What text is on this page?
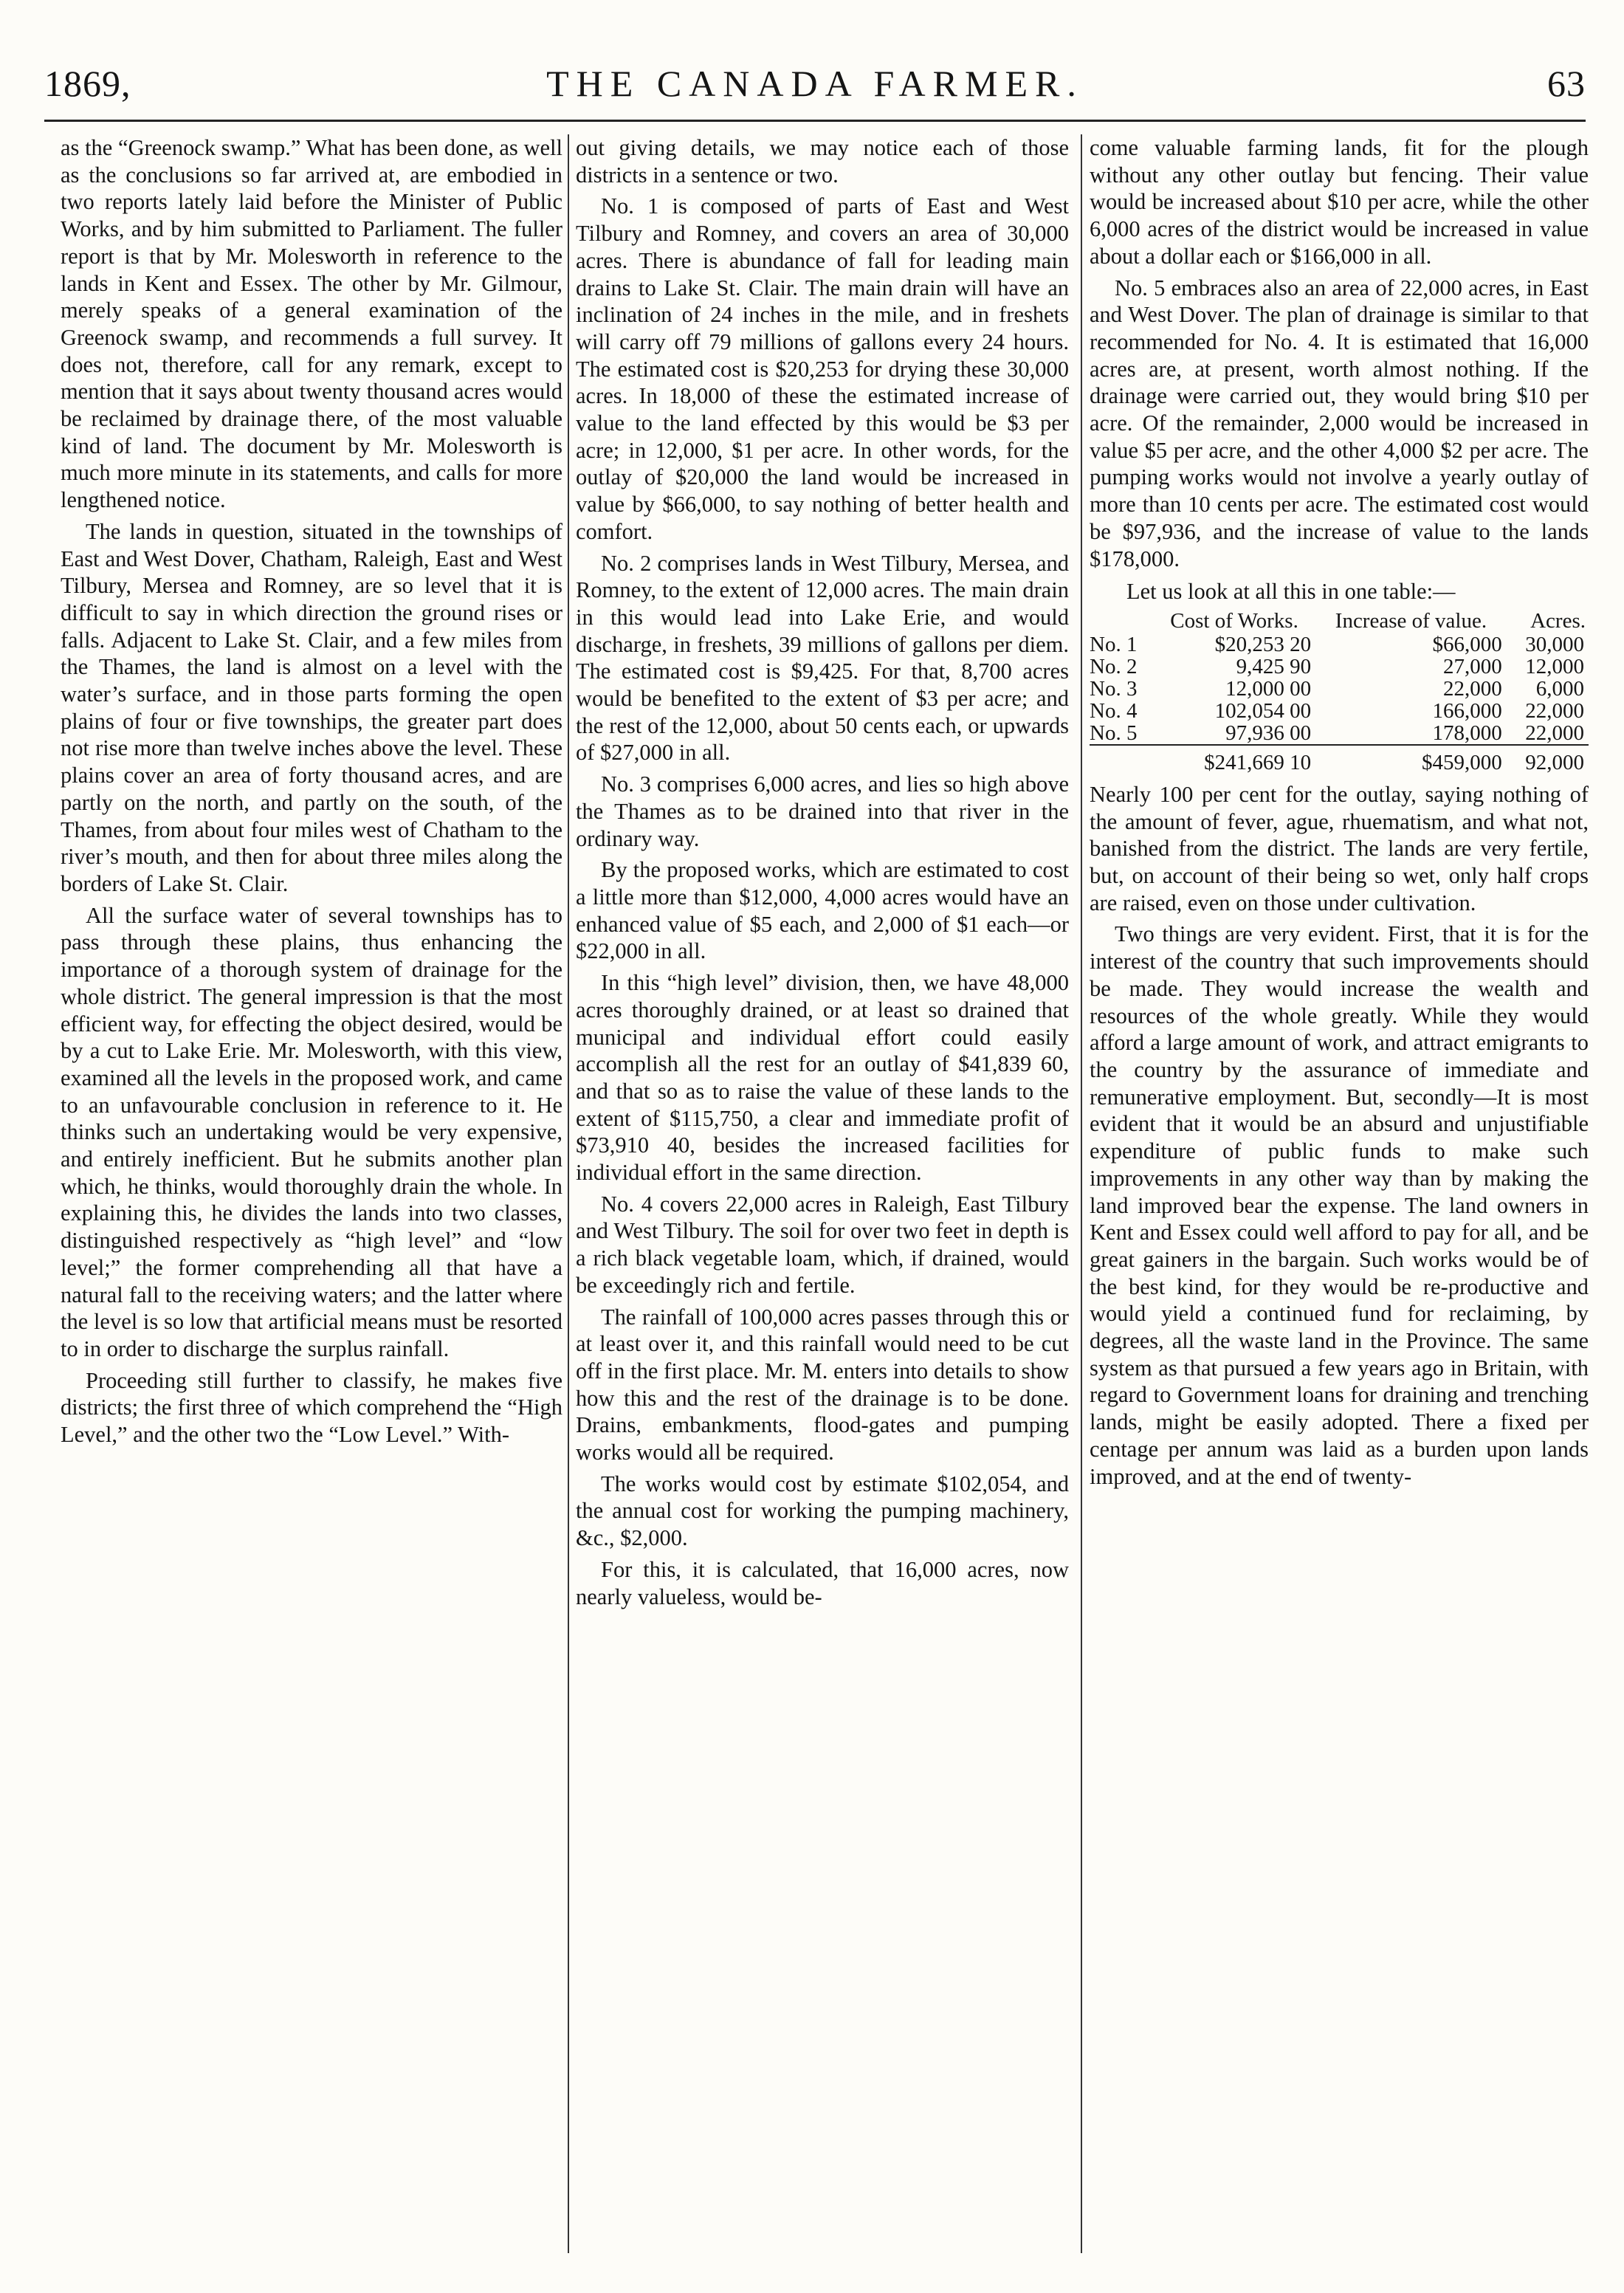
1869,	THE CANADA FARMER.	63

as the “Greenock swamp.” What has been done, as well as the conclusions so far arrived at, are embodied in two reports lately laid before the Minister of Public Works, and by him submitted to Parliament. The fuller report is that by Mr. Molesworth in reference to the lands in Kent and Essex. The other by Mr. Gilmour, merely speaks of a general examination of the Greenock swamp, and recommends a full survey. It does not, therefore, call for any remark, except to mention that it says about twenty thousand acres would be reclaimed by drainage there, of the most valuable kind of land. The document by Mr. Molesworth is much more minute in its statements, and calls for more lengthened notice.

The lands in question, situated in the townships of East and West Dover, Chatham, Raleigh, East and West Tilbury, Mersea and Romney, are so level that it is difficult to say in which direction the ground rises or falls. Adjacent to Lake St. Clair, and a few miles from the Thames, the land is almost on a level with the water’s surface, and in those parts forming the open plains of four or five townships, the greater part does not rise more than twelve inches above the level. These plains cover an area of forty thousand acres, and are partly on the north, and partly on the south, of the Thames, from about four miles west of Chatham to the river’s mouth, and then for about three miles along the borders of Lake St. Clair.

All the surface water of several townships has to pass through these plains, thus enhancing the importance of a thorough system of drainage for the whole district. The general impression is that the most efficient way, for effecting the object desired, would be by a cut to Lake Erie. Mr. Molesworth, with this view, examined all the levels in the proposed work, and came to an unfavourable conclusion in reference to it. He thinks such an undertaking would be very expensive, and entirely inefficient. But he submits another plan which, he thinks, would thoroughly drain the whole. In explaining this, he divides the lands into two classes, distinguished respectively as “high level” and “low level;” the former comprehending all that have a natural fall to the receiving waters; and the latter where the level is so low that artificial means must be resorted to in order to discharge the surplus rainfall.

Proceeding still further to classify, he makes five districts; the first three of which comprehend the “High Level,” and the other two the “Low Level.” With-

out giving details, we may notice each of those districts in a sentence or two.

No. 1 is composed of parts of East and West Tilbury and Romney, and covers an area of 30,000 acres. There is abundance of fall for leading main drains to Lake St. Clair. The main drain will have an inclination of 24 inches in the mile, and in freshets will carry off 79 millions of gallons every 24 hours. The estimated cost is $20,253 for drying these 30,000 acres. In 18,000 of these the estimated increase of value to the land effected by this would be $3 per acre; in 12,000, $1 per acre. In other words, for the outlay of $20,000 the land would be increased in value by $66,000, to say nothing of better health and comfort.

No. 2 comprises lands in West Tilbury, Mersea, and Romney, to the extent of 12,000 acres. The main drain in this would lead into Lake Erie, and would discharge, in freshets, 39 millions of gallons per diem. The estimated cost is $9,425. For that, 8,700 acres would be benefited to the extent of $3 per acre; and the rest of the 12,000, about 50 cents each, or upwards of $27,000 in all.

No. 3 comprises 6,000 acres, and lies so high above the Thames as to be drained into that river in the ordinary way.

By the proposed works, which are estimated to cost a little more than $12,000, 4,000 acres would have an enhanced value of $5 each, and 2,000 of $1 each—or $22,000 in all.

In this “high level” division, then, we have 48,000 acres thoroughly drained, or at least so drained that municipal and individual effort could easily accomplish all the rest for an outlay of $41,839 60, and that so as to raise the value of these lands to the extent of $115,750, a clear and immediate profit of $73,910 40, besides the increased facilities for individual effort in the same direction.

No. 4 covers 22,000 acres in Raleigh, East Tilbury and West Tilbury. The soil for over two feet in depth is a rich black vegetable loam, which, if drained, would be exceedingly rich and fertile.

The rainfall of 100,000 acres passes through this or at least over it, and this rainfall would need to be cut off in the first place. Mr. M. enters into details to show how this and the rest of the drainage is to be done. Drains, embankments, flood-gates and pumping works would all be required.

The works would cost by estimate $102,054, and the annual cost for working the pumping machinery, &c., $2,000.

For this, it is calculated, that 16,000 acres, now nearly valueless, would be-

come valuable farming lands, fit for the plough without any other outlay but fencing. Their value would be increased about $10 per acre, while the other 6,000 acres of the district would be increased in value about a dollar each or $166,000 in all.

No. 5 embraces also an area of 22,000 acres, in East and West Dover. The plan of drainage is similar to that recommended for No. 4. It is estimated that 16,000 acres are, at present, worth almost nothing. If the drainage were carried out, they would bring $10 per acre. Of the remainder, 2,000 would be increased in value $5 per acre, and the other 4,000 $2 per acre. The pumping works would not involve a yearly outlay of more than 10 cents per acre. The estimated cost would be $97,936, and the increase of value to the lands $178,000.

Let us look at all this in one table:—

	Cost of Works.	Increase of value.	Acres.
No. 1	$20,253 20	$66,000	30,000
No. 2	9,425 90	27,000	12,000
No. 3	12,000 00	22,000	6,000
No. 4	102,054 00	166,000	22,000
No. 5	97,936 00	178,000	22,000
	$241,669 10	$459,000	92,000

Nearly 100 per cent for the outlay, saying nothing of the amount of fever, ague, rhuematism, and what not, banished from the district. The lands are very fertile, but, on account of their being so wet, only half crops are raised, even on those under cultivation.

Two things are very evident. First, that it is for the interest of the country that such improvements should be made. They would increase the wealth and resources of the whole greatly. While they would afford a large amount of work, and attract emigrants to the country by the assurance of immediate and remunerative employment. But, secondly—It is most evident that it would be an absurd and unjustifiable expenditure of public funds to make such improvements in any other way than by making the land improved bear the expense. The land owners in Kent and Essex could well afford to pay for all, and be great gainers in the bargain. Such works would be of the best kind, for they would be re-productive and would yield a continued fund for reclaiming, by degrees, all the waste land in the Province. The same system as that pursued a few years ago in Britain, with regard to Government loans for draining and trenching lands, might be easily adopted. There a fixed per centage per annum was laid as a burden upon lands improved, and at the end of twenty-
